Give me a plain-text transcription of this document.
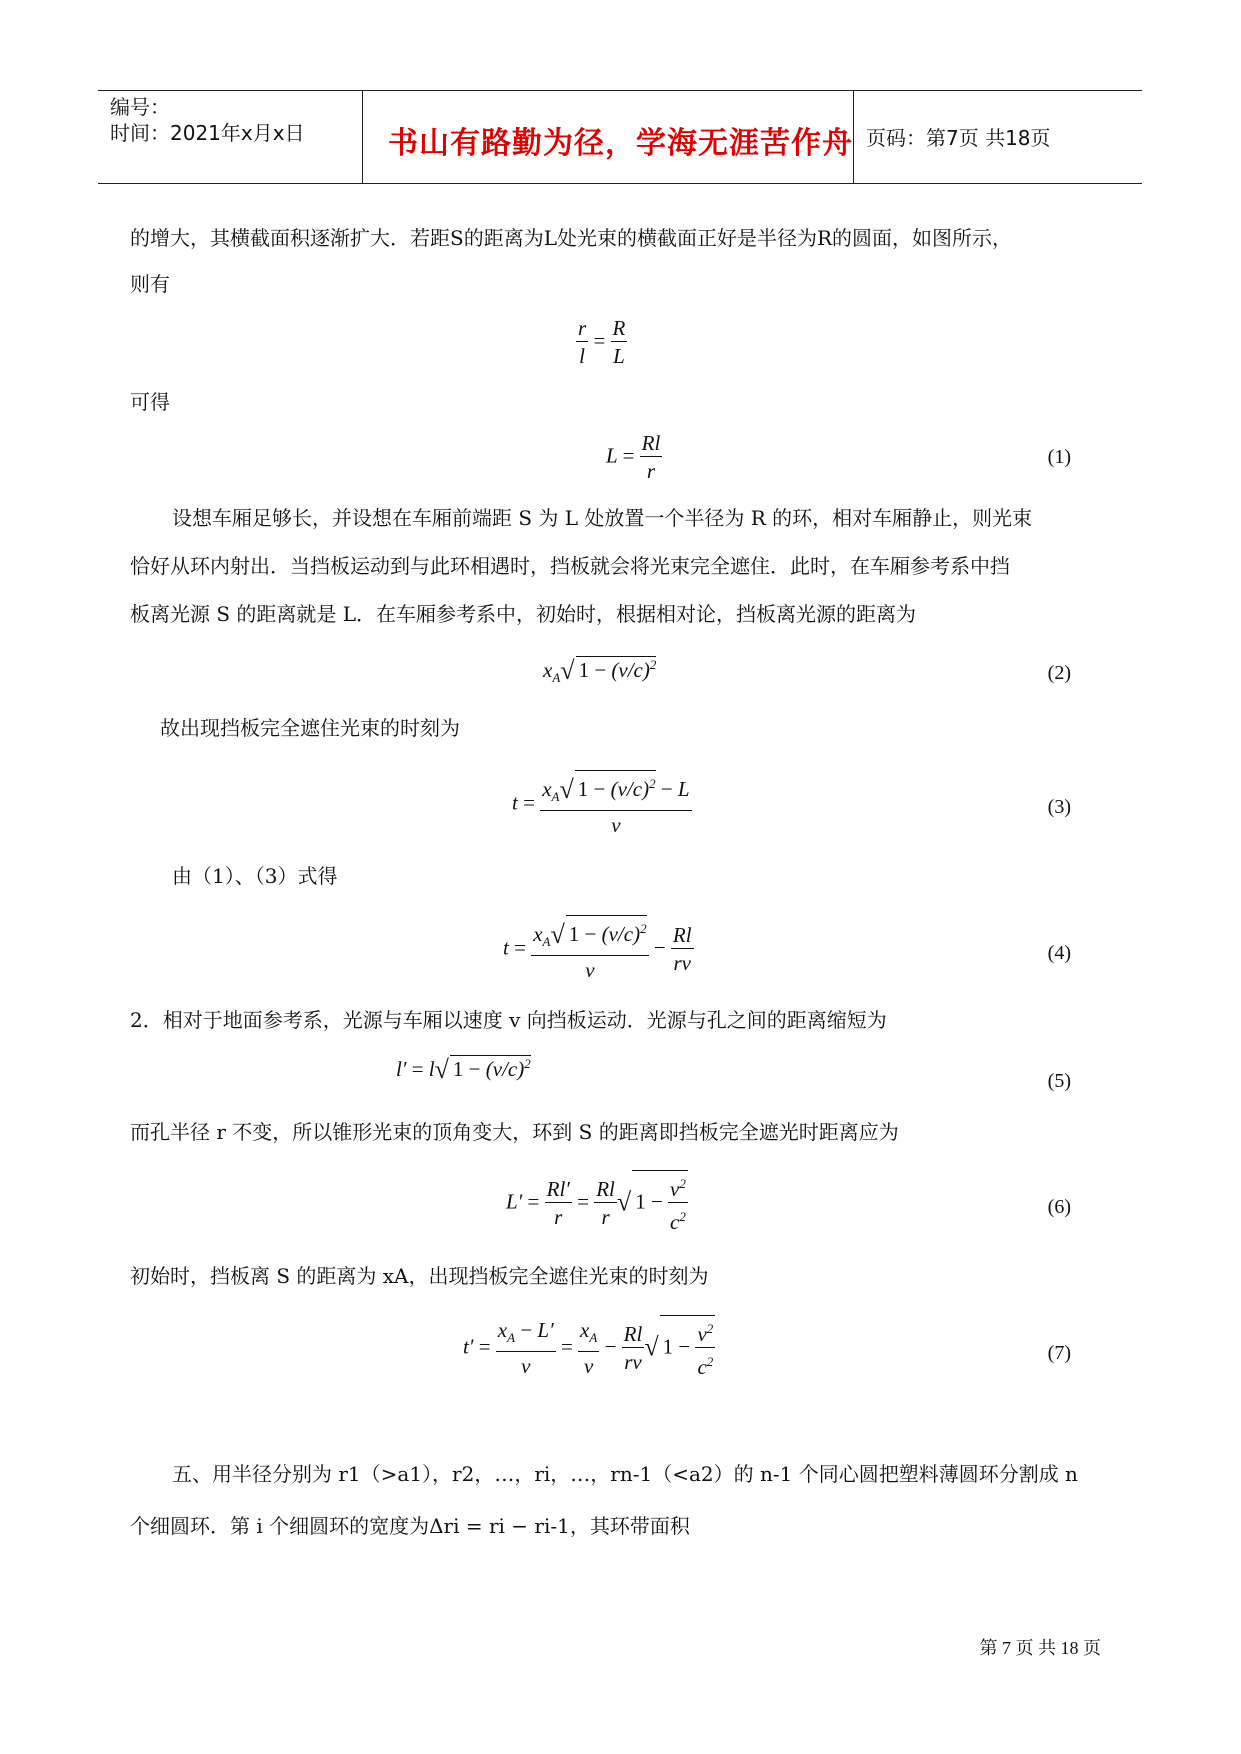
编号：
时间：2021年x月x日	书山有路勤为径，学海无涯苦作舟 页码：第7页 共18页
的增大，其横截面积逐渐扩大．若距S的距离为L处光束的横截面正好是半径为R的圆面，如图所示，
则有
$\frac{r}{l} = \frac{R}{L}$
可得
$L = \frac{Rl}{r}$	(1)
设想车厢足够长，并设想在车厢前端距 S 为 L 处放置一个半径为 R 的环，相对车厢静止，则光束
恰好从环内射出．当挡板运动到与此环相遇时，挡板就会将光束完全遮住．此时，在车厢参考系中挡
板离光源 S 的距离就是 L．在车厢参考系中，初始时，根据相对论，挡板离光源的距离为
$x_A√$ $1 - (v/c)^2$	(2)
故出现挡板完全遮住光束的时刻为
$t = \frac{x_A√ 1 - (v/c)^2 - L}{v}$	(3)
由（1）、（3）式得
$t = \frac{x_A√ 1 - (v/c)^2}{v} - \frac{Rl}{rv}$	(4)
2．相对于地面参考系，光源与车厢以速度 v 向挡板运动．光源与孔之间的距离缩短为
l′ = l√ $1 - (v/c)^2$
(5)
而孔半径 r 不变，所以锥形光束的顶角变大，环到 S 的距离即挡板完全遮光时距离应为
$L' = \frac{Rl'}{r} = \frac{Rl}{r}$ √ $1 - \frac{v^2}{c^2}$	(6)
初始时，挡板离 S 的距离为 xA，出现挡板完全遮住光束的时刻为
$t' = \frac{x_A - L'}{v} = \frac{x_A}{v} - \frac{Rl}{rv}$ √ $1 - \frac{v^2}{c^2}$	(7)
五、用半径分别为 r1（>a1），r2，…，ri，…，rn-1（<a2）的 n-1 个同心圆把塑料薄圆环分割成 n
个细圆环．第 i 个细圆环的宽度为Δri = ri − ri-1，其环带面积
第 7 页 共 18 页
